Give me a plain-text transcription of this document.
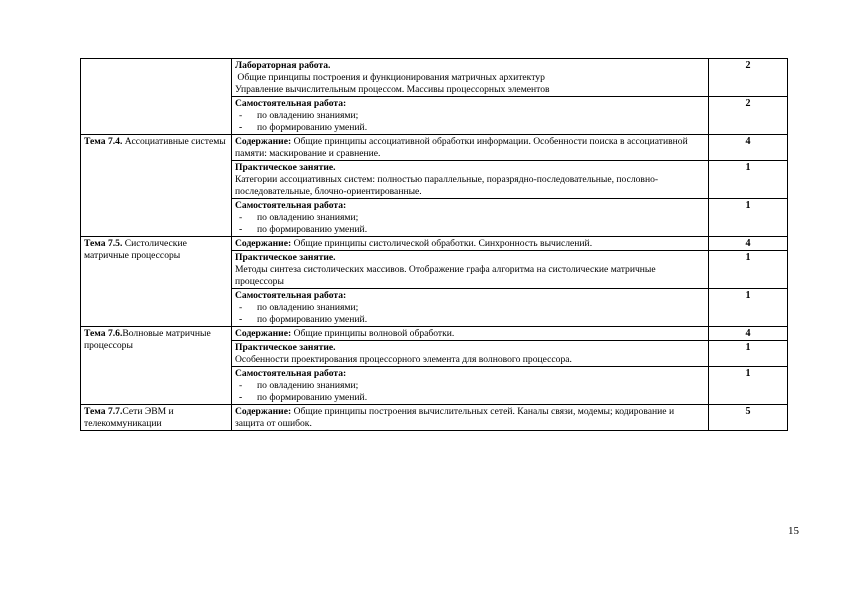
	Лабораторная работа.
Общие принципы построения и функционирования матричных архитектур
Управление вычислительным процессом. Массивы процессорных элементов	2

	Самостоятельная работа:
- по овладению знаниями;
- по формированию умений.	2
Тема 7.4. Ассоциативные системы	Содержание: Общие принципы ассоциативной обработки информации. Особенности поиска в ассоциативной памяти: маскирование и сравнение.	4

	Практическое занятие.
Категории ассоциативных систем: полностью параллельные, поразрядно-последовательные, пословно-последовательные, блочно-ориентированные.	1

	Самостоятельная работа:
- по овладению знаниями;
- по формированию умений.	1
Тема 7.5. Систолические матричные процессоры	Содержание: Общие принципы систолической обработки. Синхронность вычислений.	4

	Практическое занятие.
Методы синтеза систолических массивов. Отображение графа алгоритма на систолические матричные процессоры	1

	Самостоятельная работа:
- по овладению знаниями;
- по формированию умений.	1
Тема 7.6.Волновые матричные процессоры	Содержание: Общие принципы волновой обработки.	4

	Практическое занятие.
Особенности проектирования процессорного элемента для волнового процессора.	1

	Самостоятельная работа:
- по овладению знаниями;
- по формированию умений.	1
Тема 7.7.Сети ЭВМ и телекоммуникации	Содержание: Общие принципы построения вычислительных сетей. Каналы связи, модемы; кодирование и защита от ошибок.	5
15
